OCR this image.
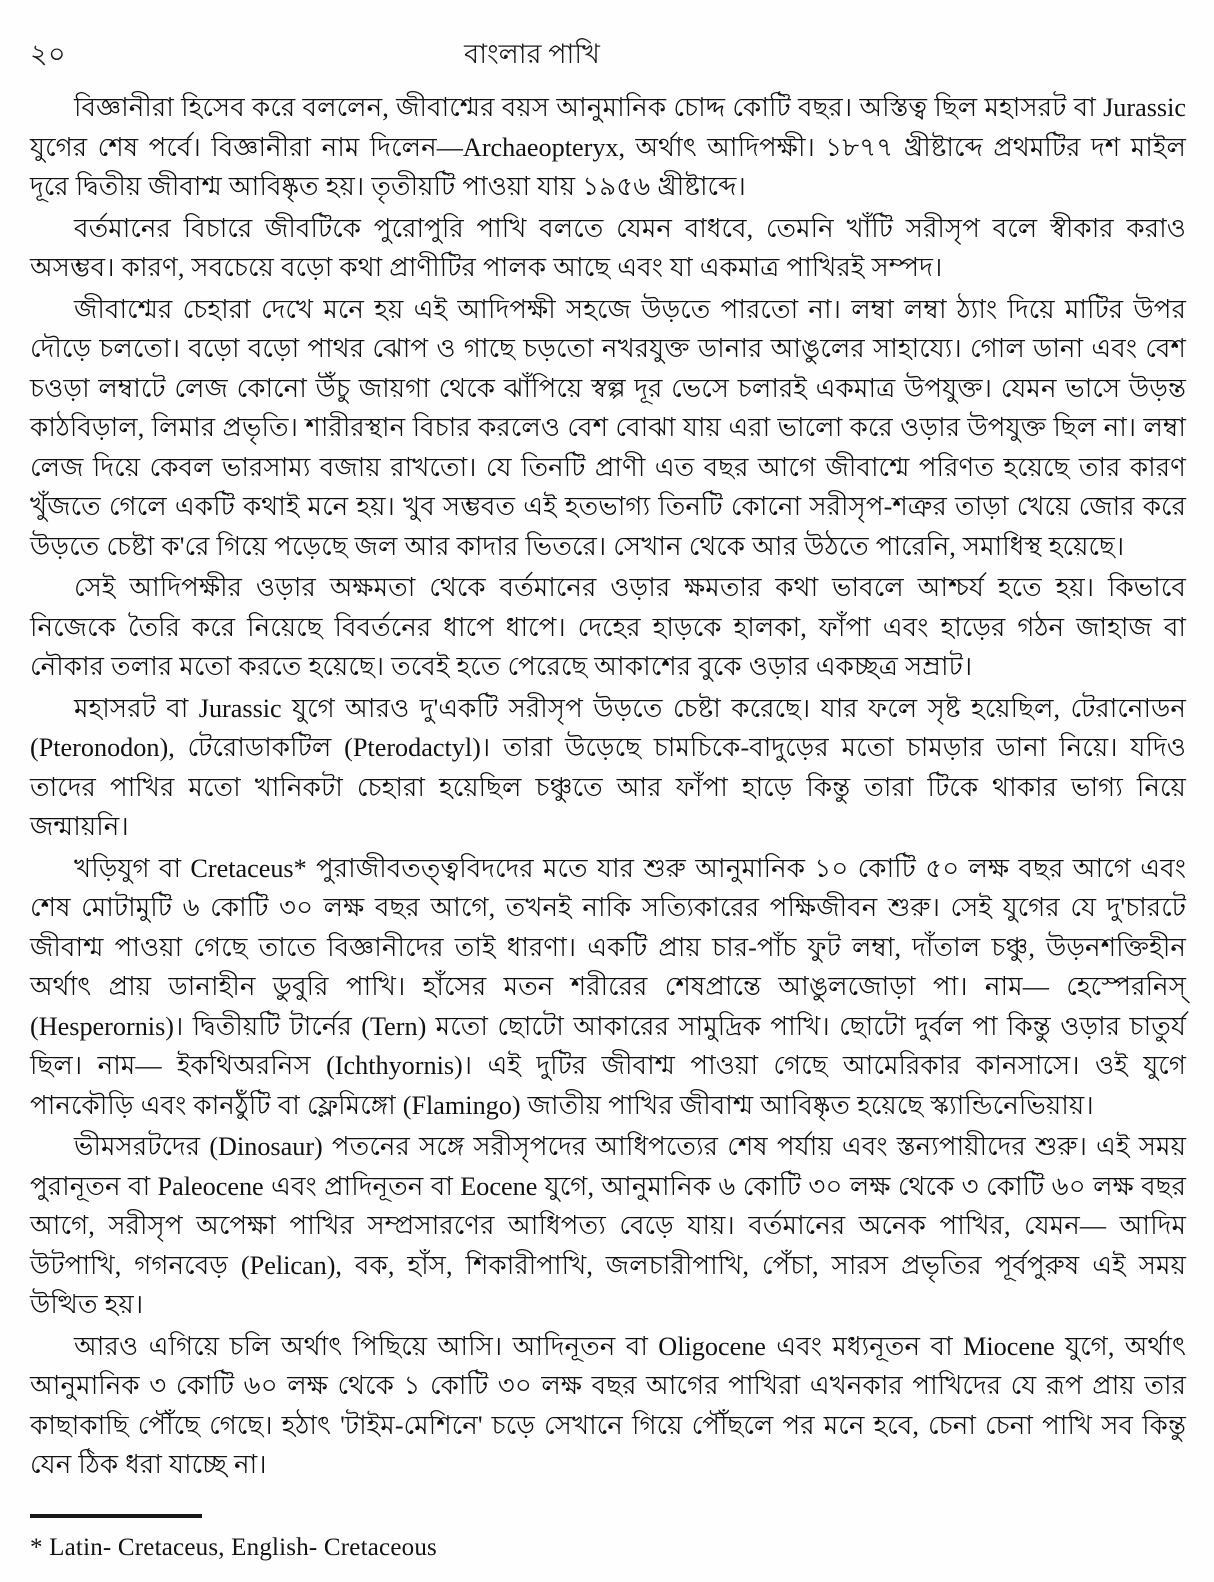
২০	বাংলার পাখি

বিজ্ঞানীরা হিসেব করে বললেন, জীবাশ্মের বয়স আনুমানিক চোদ্দ কোটি বছর। অস্তিত্ব ছিল মহাসরট বা Jurassic যুগের শেষ পর্বে। বিজ্ঞানীরা নাম দিলেন—Archaeopteryx, অর্থাৎ আদিপক্ষী। ১৮৭৭ খ্রীষ্টাব্দে প্রথমটির দশ মাইল দূরে দ্বিতীয় জীবাশ্ম আবিষ্কৃত হয়। তৃতীয়টি পাওয়া যায় ১৯৫৬ খ্রীষ্টাব্দে।

বর্তমানের বিচারে জীবটিকে পুরোপুরি পাখি বলতে যেমন বাধবে, তেমনি খাঁটি সরীসৃপ বলে স্বীকার করাও অসম্ভব। কারণ, সবচেয়ে বড়ো কথা প্রাণীটির পালক আছে এবং যা একমাত্র পাখিরই সম্পদ।

জীবাশ্মের চেহারা দেখে মনে হয় এই আদিপক্ষী সহজে উড়তে পারতো না। লম্বা লম্বা ঠ্যাং দিয়ে মাটির উপর দৌড়ে চলতো। বড়ো বড়ো পাথর ঝোপ ও গাছে চড়তো নখরযুক্ত ডানার আঙুলের সাহায্যে। গোল ডানা এবং বেশ চওড়া লম্বাটে লেজ কোনো উঁচু জায়গা থেকে ঝাঁপিয়ে স্বল্প দূর ভেসে চলারই একমাত্র উপযুক্ত। যেমন ভাসে উড়ন্ত কাঠবিড়াল, লিমার প্রভৃতি। শারীরস্থান বিচার করলেও বেশ বোঝা যায় এরা ভালো করে ওড়ার উপযুক্ত ছিল না। লম্বা লেজ দিয়ে কেবল ভারসাম্য বজায় রাখতো। যে তিনটি প্রাণী এত বছর আগে জীবাশ্মে পরিণত হয়েছে তার কারণ খুঁজতে গেলে একটি কথাই মনে হয়। খুব সম্ভবত এই হতভাগ্য তিনটি কোনো সরীসৃপ-শত্রুর তাড়া খেয়ে জোর করে উড়তে চেষ্টা ক'রে গিয়ে পড়েছে জল আর কাদার ভিতরে। সেখান থেকে আর উঠতে পারেনি, সমাধিস্থ হয়েছে।

সেই আদিপক্ষীর ওড়ার অক্ষমতা থেকে বর্তমানের ওড়ার ক্ষমতার কথা ভাবলে আশ্চর্য হতে হয়। কিভাবে নিজেকে তৈরি করে নিয়েছে বিবর্তনের ধাপে ধাপে। দেহের হাড়কে হালকা, ফাঁপা এবং হাড়ের গঠন জাহাজ বা নৌকার তলার মতো করতে হয়েছে। তবেই হতে পেরেছে আকাশের বুকে ওড়ার একচ্ছত্র সম্রাট।

মহাসরট বা Jurassic যুগে আরও দু'একটি সরীসৃপ উড়তে চেষ্টা করেছে। যার ফলে সৃষ্ট হয়েছিল, টেরানোডন (Pteronodon), টেরোডাকটিল (Pterodactyl)। তারা উড়েছে চামচিকে-বাদুড়ের মতো চামড়ার ডানা নিয়ে। যদিও তাদের পাখির মতো খানিকটা চেহারা হয়েছিল চঞ্চুতে আর ফাঁপা হাড়ে কিন্তু তারা টিকে থাকার ভাগ্য নিয়ে জন্মায়নি।

খড়িযুগ বা Cretaceus* পুরাজীবতত্ত্ববিদদের মতে যার শুরু আনুমানিক ১০ কোটি ৫০ লক্ষ বছর আগে এবং শেষ মোটামুটি ৬ কোটি ৩০ লক্ষ বছর আগে, তখনই নাকি সত্যিকারের পক্ষিজীবন শুরু। সেই যুগের যে দু'চারটে জীবাশ্ম পাওয়া গেছে তাতে বিজ্ঞানীদের তাই ধারণা। একটি প্রায় চার-পাঁচ ফুট লম্বা, দাঁতাল চঞ্চু, উড়নশক্তিহীন অর্থাৎ প্রায় ডানাহীন ডুবুরি পাখি। হাঁসের মতন শরীরের শেষপ্রান্তে আঙুলজোড়া পা। নাম— হেস্পেরনিস্ (Hesperornis)। দ্বিতীয়টি টার্নের (Tern) মতো ছোটো আকারের সামুদ্রিক পাখি। ছোটো দুর্বল পা কিন্তু ওড়ার চাতুর্য ছিল। নাম— ইকথিঅরনিস (Ichthyornis)। এই দুটির জীবাশ্ম পাওয়া গেছে আমেরিকার কানসাসে। ওই যুগে পানকৌড়ি এবং কানঠুঁটি বা ফ্লেমিঙ্গো (Flamingo) জাতীয় পাখির জীবাশ্ম আবিষ্কৃত হয়েছে স্ক্যান্ডিনেভিয়ায়।

ভীমসরটদের (Dinosaur) পতনের সঙ্গে সরীসৃপদের আধিপত্যের শেষ পর্যায় এবং স্তন্যপায়ীদের শুরু। এই সময় পুরানূতন বা Paleocene এবং প্রাদিনূতন বা Eocene যুগে, আনুমানিক ৬ কোটি ৩০ লক্ষ থেকে ৩ কোটি ৬০ লক্ষ বছর আগে, সরীসৃপ অপেক্ষা পাখির সম্প্রসারণের আধিপত্য বেড়ে যায়। বর্তমানের অনেক পাখির, যেমন— আদিম উটপাখি, গগনবেড় (Pelican), বক, হাঁস, শিকারীপাখি, জলচারীপাখি, পেঁচা, সারস প্রভৃতির পূর্বপুরুষ এই সময় উত্থিত হয়।

আরও এগিয়ে চলি অর্থাৎ পিছিয়ে আসি। আদিনূতন বা Oligocene এবং মধ্যনূতন বা Miocene যুগে, অর্থাৎ আনুমানিক ৩ কোটি ৬০ লক্ষ থেকে ১ কোটি ৩০ লক্ষ বছর আগের পাখিরা এখনকার পাখিদের যে রূপ প্রায় তার কাছাকাছি পৌঁছে গেছে। হঠাৎ 'টাইম-মেশিনে' চড়ে সেখানে গিয়ে পৌঁছলে পর মনে হবে, চেনা চেনা পাখি সব কিন্তু যেন ঠিক ধরা যাচ্ছে না।

* Latin- Cretaceus, English- Cretaceous
